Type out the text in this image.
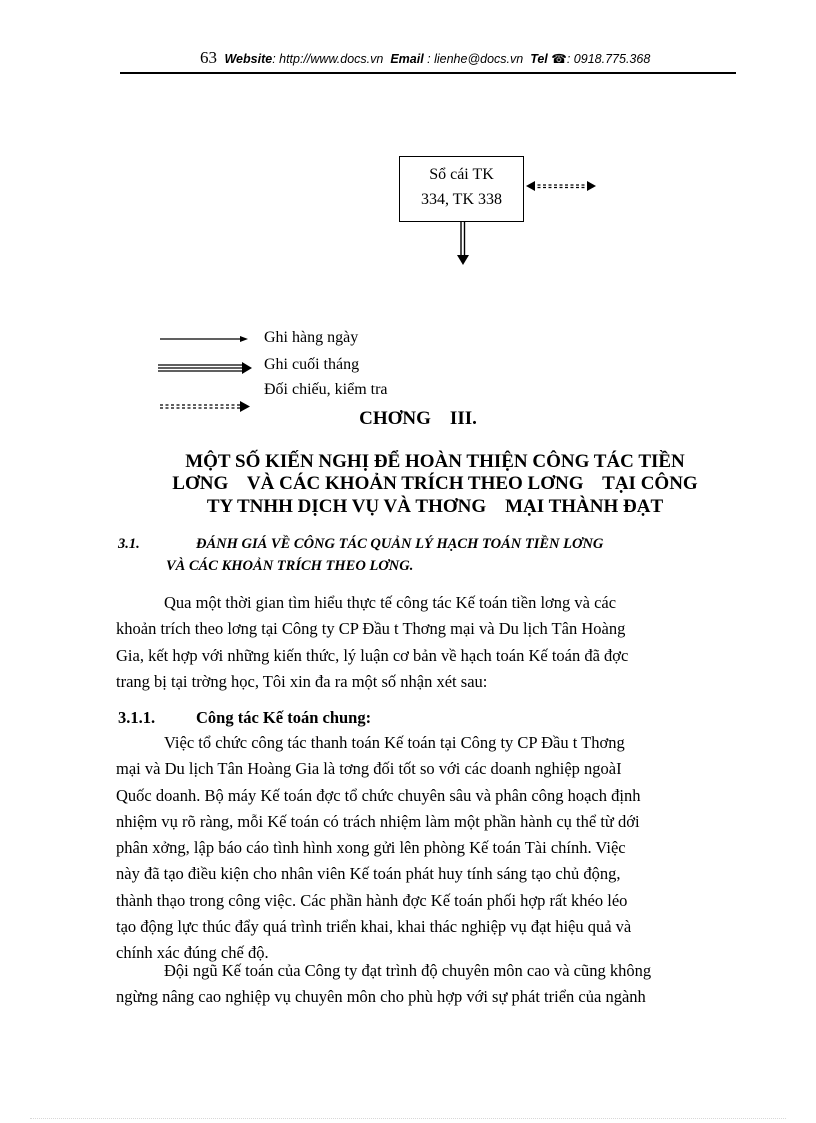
63 Website: http://www.docs.vn Email : lienhe@docs.vn Tel ☎: 0918.775.368
Sổ cái TK
334, TK 338
Ghi hàng ngày
Ghi cuối tháng
Đối chiếu, kiểm tra
CHƠNG    III.
MỘT SỐ KIẾN NGHỊ ĐỂ HOÀN THIỆN CÔNG TÁC TIỀN
LƠNG    VÀ CÁC KHOẢN TRÍCH THEO LƠNG    TẠI CÔNG
TY TNHH DỊCH VỤ VÀ THƠNG    MẠI THÀNH ĐẠT
3.1.	ĐÁNH GIÁ VỀ CÔNG TÁC QUẢN LÝ HẠCH TOÁN TIỀN LƠNG
VÀ CÁC KHOẢN TRÍCH THEO LƠNG.
Qua một thời gian tìm hiểu thực tế công tác Kế toán tiền lơng và các
khoản trích theo lơng tại Công ty CP Đầu t Thơng mại và Du lịch Tân Hoàng
Gia, kết hợp với những kiến thức, lý luận cơ bản về hạch toán Kế toán đã đợc
trang bị tại trờng học, Tôi xin đa ra một số nhận xét sau:
3.1.1. Công tác Kế toán chung:
Việc tổ chức công tác thanh toán Kế toán tại Công ty CP Đầu t Thơng
mại và Du lịch Tân Hoàng Gia là tơng đối tốt so với các doanh nghiệp ngoàI
Quốc doanh. Bộ máy Kế toán đợc tổ chức chuyên sâu và phân công hoạch định
nhiệm vụ rõ ràng, mỗi Kế toán có trách nhiệm làm một phần hành cụ thể từ dới
phân xởng, lập báo cáo tình hình xong gửi lên phòng Kế toán Tài chính. Việc
này đã tạo điều kiện cho nhân viên Kế toán phát huy tính sáng tạo chủ động,
thành thạo trong công việc. Các phần hành đợc Kế toán phối hợp rất khéo léo
tạo động lực thúc đẩy quá trình triển khai, khai thác nghiệp vụ đạt hiệu quả và
chính xác đúng chế độ.
Đội ngũ Kế toán của Công ty đạt trình độ chuyên môn cao và cũng không
ngừng nâng cao nghiệp vụ chuyên môn cho phù hợp với sự phát triển của ngành
